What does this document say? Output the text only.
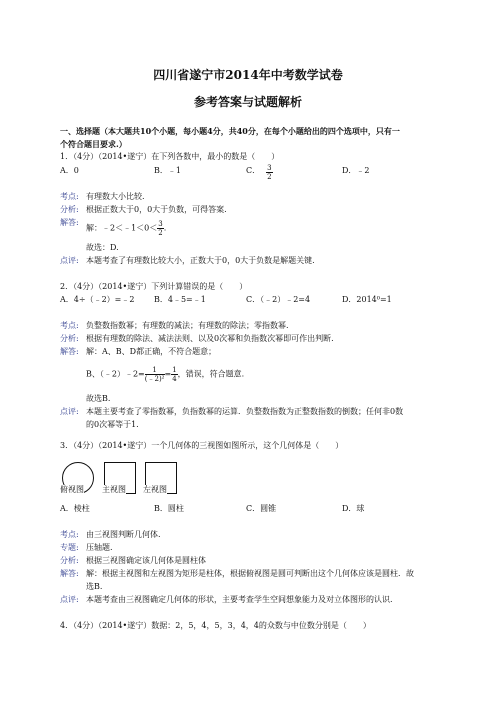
四川省遂宁市2014年中考数学试卷
参考答案与试题解析
一、选择题（本大题共10个小题，每小题4分，共40分，在每个小题给出的四个选项中，只有一
个符合题目要求.）
1．（4分）（2014•遂宁）在下列各数中，最小的数是（　　）
A．0	B．﹣1	C． $\frac{3}{2}$	D．﹣2
考点: 有理数大小比较.
分析: 根据正数大于0，0大于负数，可得答案.
解答:
解：﹣2＜﹣1＜0＜ $\frac{3}{2}$ .
故选：D.
点评: 本题考查了有理数比较大小，正数大于0，0大于负数是解题关键.
2．（4分）（2014•遂宁）下列计算错误的是（　　）
A．4÷（﹣2）=﹣2 B．4﹣5=﹣1	C．（﹣2）﹣2=4	D．2014⁰=1
考点: 负整数指数幂；有理数的减法；有理数的除法；零指数幂.
分析: 根据有理数的除法、减法法则、以及0次幂和负指数次幂即可作出判断.
解答: 解：A、B、D都正确，不符合题意；
B、（﹣2）﹣2= $\frac{1}{\text{(﹣2)²}} = \frac{1}{4}$ ，错误，符合题意.
故选B.
点评: 本题主要考查了零指数幂，负指数幂的运算．负整数指数为正整数指数的倒数；任何非0数
的0次幂等于1.
3．（4分）（2014•遂宁）一个几何体的三视图如图所示，这个几何体是（　　）
俯视图 主视图 左视图
A．棱柱	B．圆柱	C．圆锥	D．球
考点: 由三视图判断几何体.
专题: 压轴题.
分析: 根据三视图确定该几何体是圆柱体
解答: 解：根据主视图和左视图为矩形是柱体，根据俯视图是圆可判断出这个几何体应该是圆柱．故
选B.
点评: 本题考查由三视图确定几何体的形状，主要考查学生空间想象能力及对立体图形的认识.
4．（4分）（2014•遂宁）数据：2，5，4，5，3，4，4的众数与中位数分别是（　　）
